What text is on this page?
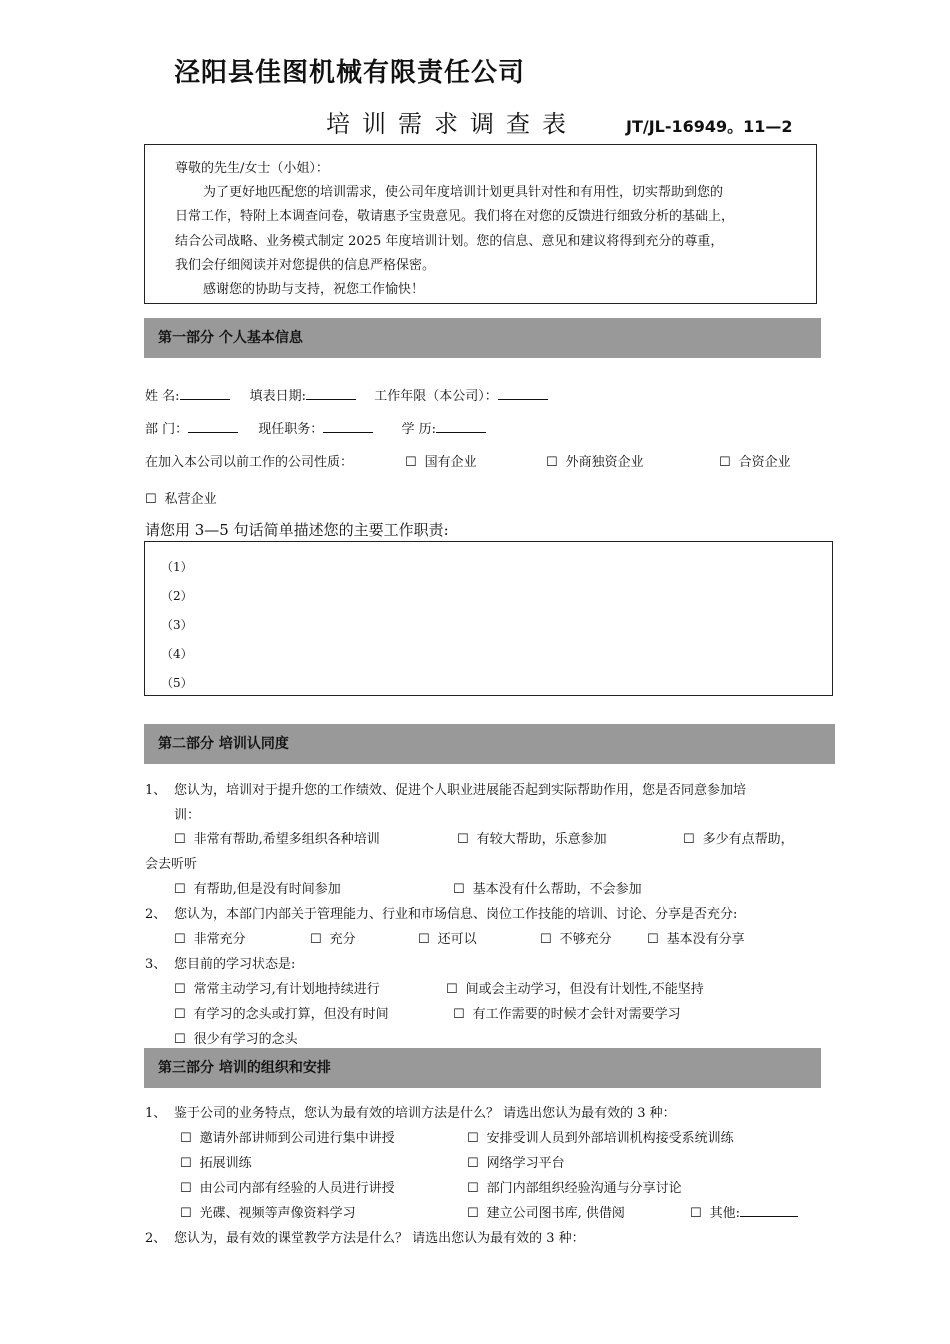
泾阳县佳图机械有限责任公司
培训需求调查表	JT/JL-16949。11—2
尊敬的先生/女士（小姐）：
为了更好地匹配您的培训需求，使公司年度培训计划更具针对性和有用性，切实帮助到您的
日常工作，特附上本调查问卷，敬请惠予宝贵意见。我们将在对您的反馈进行细致分析的基础上，
结合公司战略、业务模式制定 2025 年度培训计划。您的信息、意见和建议将得到充分的尊重，
我们会仔细阅读并对您提供的信息严格保密。
感谢您的协助与支持，祝您工作愉快！
第一部分 个人基本信息
姓 名:	填表日期:	工作年限（本公司）：
部 门：	现任职务：	学 历:
在加入本公司以前工作的公司性质：	☐ 国有企业	☐ 外商独资企业	☐ 合资企业
☐ 私营企业
请您用 3—5 句话简单描述您的主要工作职责:
（1）
（2）
（3）
（4）
（5）
第二部分 培训认同度
1、 您认为，培训对于提升您的工作绩效、促进个人职业进展能否起到实际帮助作用，您是否同意参加培
训：
☐ 非常有帮助,希望多组织各种培训	☐ 有较大帮助，乐意参加	☐ 多少有点帮助，
会去听听
☐ 有帮助,但是没有时间参加	☐ 基本没有什么帮助，不会参加
2、 您认为，本部门内部关于管理能力、行业和市场信息、岗位工作技能的培训、讨论、分享是否充分:
☐ 非常充分	☐ 充分	☐ 还可以	☐ 不够充分	☐ 基本没有分享
3、 您目前的学习状态是:
☐ 常常主动学习,有计划地持续进行	☐ 间或会主动学习，但没有计划性,不能坚持
☐ 有学习的念头或打算，但没有时间	☐ 有工作需要的时候才会针对需要学习
☐ 很少有学习的念头
第三部分 培训的组织和安排
1、 鉴于公司的业务特点，您认为最有效的培训方法是什么？ 请选出您认为最有效的 3 种：
☐ 邀请外部讲师到公司进行集中讲授	☐ 安排受训人员到外部培训机构接受系统训练
☐ 拓展训练	☐ 网络学习平台
☐ 由公司内部有经验的人员进行讲授	☐ 部门内部组织经验沟通与分享讨论
☐ 光碟、视频等声像资料学习	☐ 建立公司图书库, 供借阅	☐ 其他:
2、 您认为，最有效的课堂教学方法是什么？ 请选出您认为最有效的 3 种：
